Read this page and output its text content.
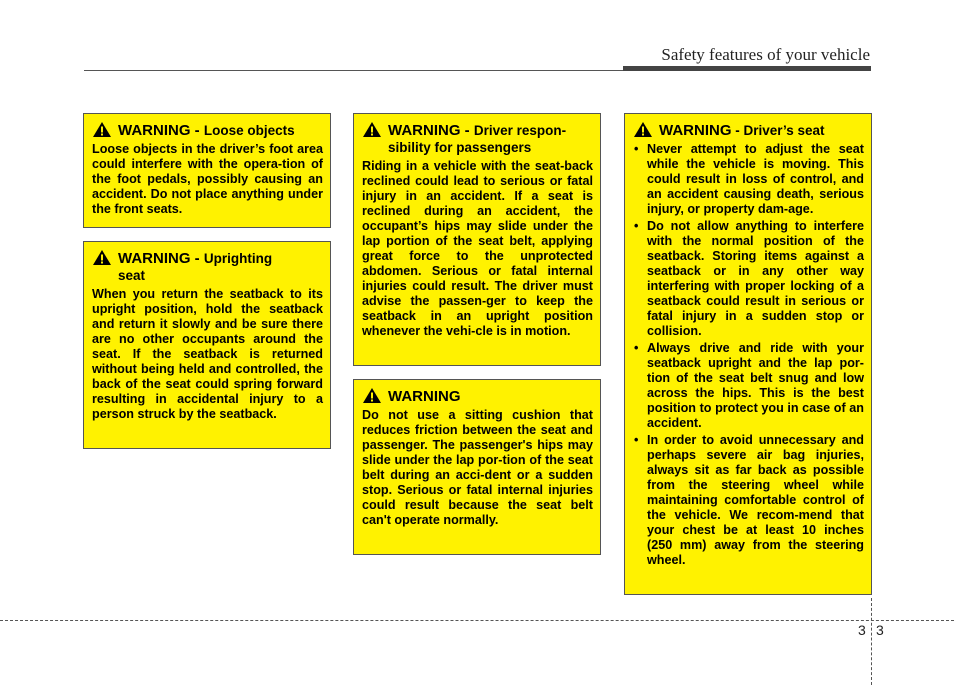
Safety features of your vehicle
WARNING - Loose objects
Loose objects in the driver’s foot area could interfere with the opera-tion of the foot pedals, possibly causing an accident. Do not place anything under the front seats.
WARNING - Uprighting seat
When you return the seatback to its upright position, hold the seatback and return it slowly and be sure there are no other occupants around the seat. If the seatback is returned without being held and controlled, the back of the seat could spring forward resulting in accidental injury to a person struck by the seatback.
WARNING - Driver respon-sibility for passengers
Riding in a vehicle with the seat-back reclined could lead to serious or fatal injury in an accident. If a seat is reclined during an accident, the occupant’s hips may slide under the lap portion of the seat belt, applying great force to the unprotected abdomen. Serious or fatal internal injuries could result. The driver must advise the passen-ger to keep the seatback in an upright position whenever the vehi-cle is in motion.
WARNING
Do not use a sitting cushion that reduces friction between the seat and passenger. The passenger's hips may slide under the lap por-tion of the seat belt during an acci-dent or a sudden stop. Serious or fatal internal injuries could result because the seat belt can't operate normally.
WARNING - Driver’s seat
• Never attempt to adjust the seat while the vehicle is moving. This could result in loss of control, and an accident causing death, serious injury, or property dam-age.
• Do not allow anything to interfere with the normal position of the seatback. Storing items against a seatback or in any other way interfering with proper locking of a seatback could result in serious or fatal injury in a sudden stop or collision.
• Always drive and ride with your seatback upright and the lap por-tion of the seat belt snug and low across the hips. This is the best position to protect you in case of an accident.
• In order to avoid unnecessary and perhaps severe air bag injuries, always sit as far back as possible from the steering wheel while maintaining comfortable control of the vehicle. We recom-mend that your chest be at least 10 inches (250 mm) away from the steering wheel.
3 3
